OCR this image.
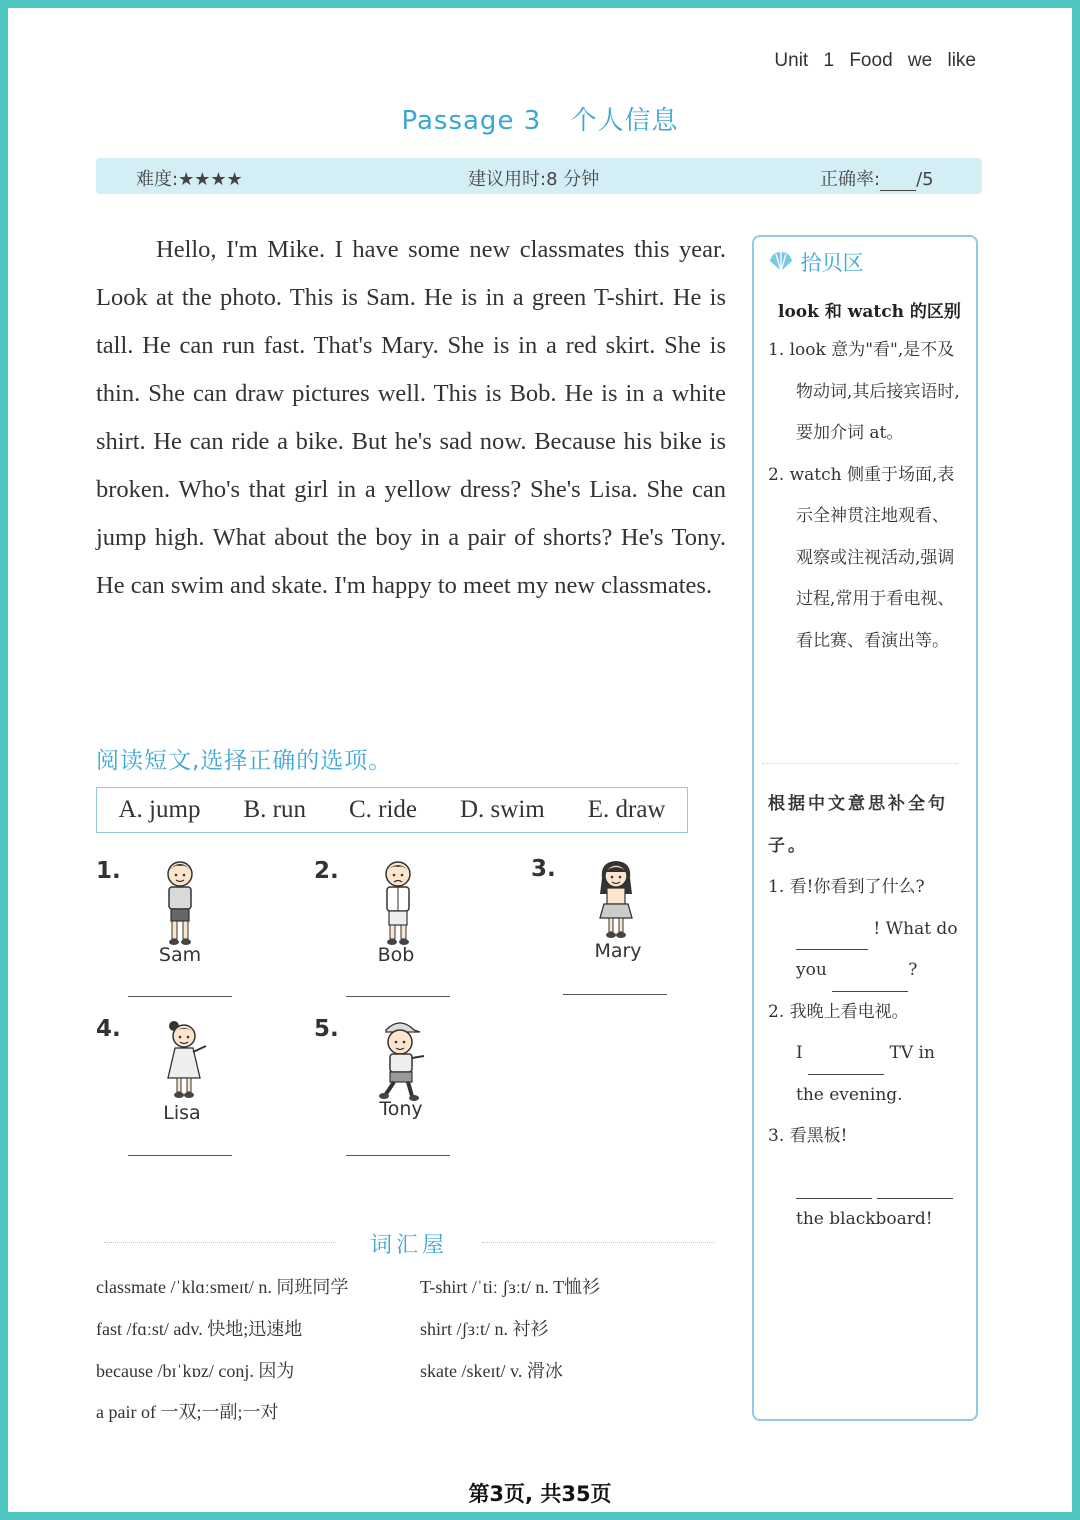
Unit 1 Food we like
Passage 3 个人信息
难度:★★★★	建议用时:8 分钟	正确率: /5
Hello, I'm Mike. I have some new classmates this year. Look at the photo. This is Sam. He is in a green T-shirt. He is tall. He can run fast. That's Mary. She is in a red skirt. She is thin. She can draw pictures well. This is Bob. He is in a white shirt. He can ride a bike. But he's sad now. Because his bike is broken. Who's that girl in a yellow dress? She's Lisa. She can jump high. What about the boy in a pair of shorts? He's Tony. He can swim and skate. I'm happy to meet my new classmates.
阅读短文,选择正确的选项。
A. jump B. run C. ride D. swim E. draw
1.
Sam
2.
Bob
3.
Mary
4.
Lisa
5.
Tony
词汇屋
classmate /ˈklɑːsmeɪt/ n. 同班同学	T-shirt /ˈtiː ʃɜːt/ n. T恤衫
fast /fɑːst/ adv. 快地;迅速地	shirt /ʃɜːt/ n. 衬衫
because /bɪˈkɒz/ conj. 因为	skate /skeɪt/ v. 滑冰
a pair of 一双;一副;一对
拾贝区
look 和 watch 的区别
1. look 意为"看",是不及物动词,其后接宾语时,要加介词 at。
2. watch 侧重于场面,表示全神贯注地观看、观察或注视活动,强调过程,常用于看电视、看比赛、看演出等。
根据中文意思补全句子。
1. 看!你看到了什么?
! What do
you	?
2. 我晚上看电视。
I	TV in
the evening.
3. 看黑板!

the blackboard!
第3页, 共35页
